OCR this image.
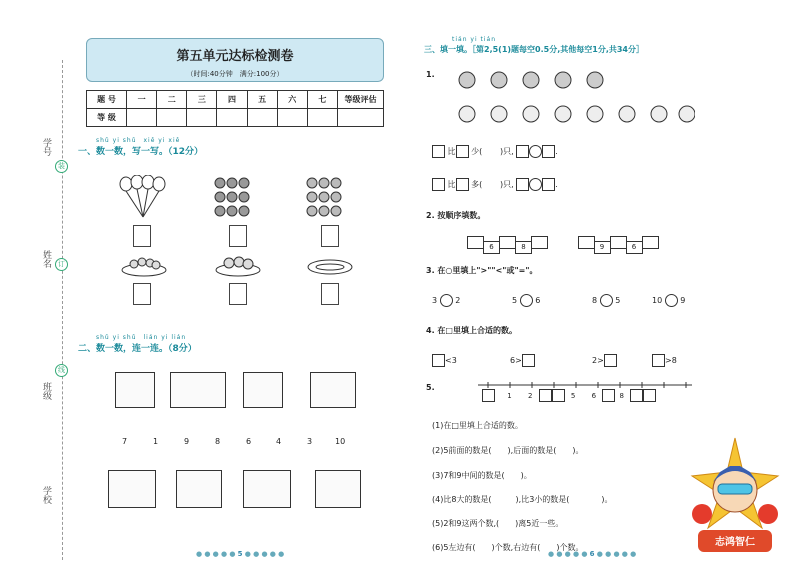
学号
姓名
班级
学校
装
订
线
第五单元达标检测卷
（时间:40分钟　满分:100分）
题 号	一	二	三	四	五	六	七	等级评估
等 级								
shǔ yi shǔ　xiě yi xiě
一、数一数，写一写。（12分）
shǔ yi shǔ　lián yi lián
二、数一数，连一连。（8分）
7	1	9	8	6	4	3	10
● ● ● ● ● 5 ● ● ● ● ●
tián yi tián
三、填一填。［第2,5(1)题每空0.5分,其他每空1分,共34分］
1.
比 少( )只,	.
比 多( )只,	.
2. 按顺序填数。
6	8	9	6
3. 在○里填上">""<"或"="。
3 2	5 6	8 5	10 9
4. 在□里填上合适的数。
<3	6>	2>	>8
5.
1 2	5 6	8
(1)在□里填上合适的数。
(2)5前面的数是(　　),后面的数是(　　)。
(3)7和9中间的数是(　　)。
(4)比8大的数是(　　　),比3小的数是(　　　　)。
(5)2和9这两个数,(　　)离5近一些。
(6)5左边有(　　)个数,右边有(　　)个数。
● ● ● ● ● 6 ● ● ● ● ●
志鸿智仁
